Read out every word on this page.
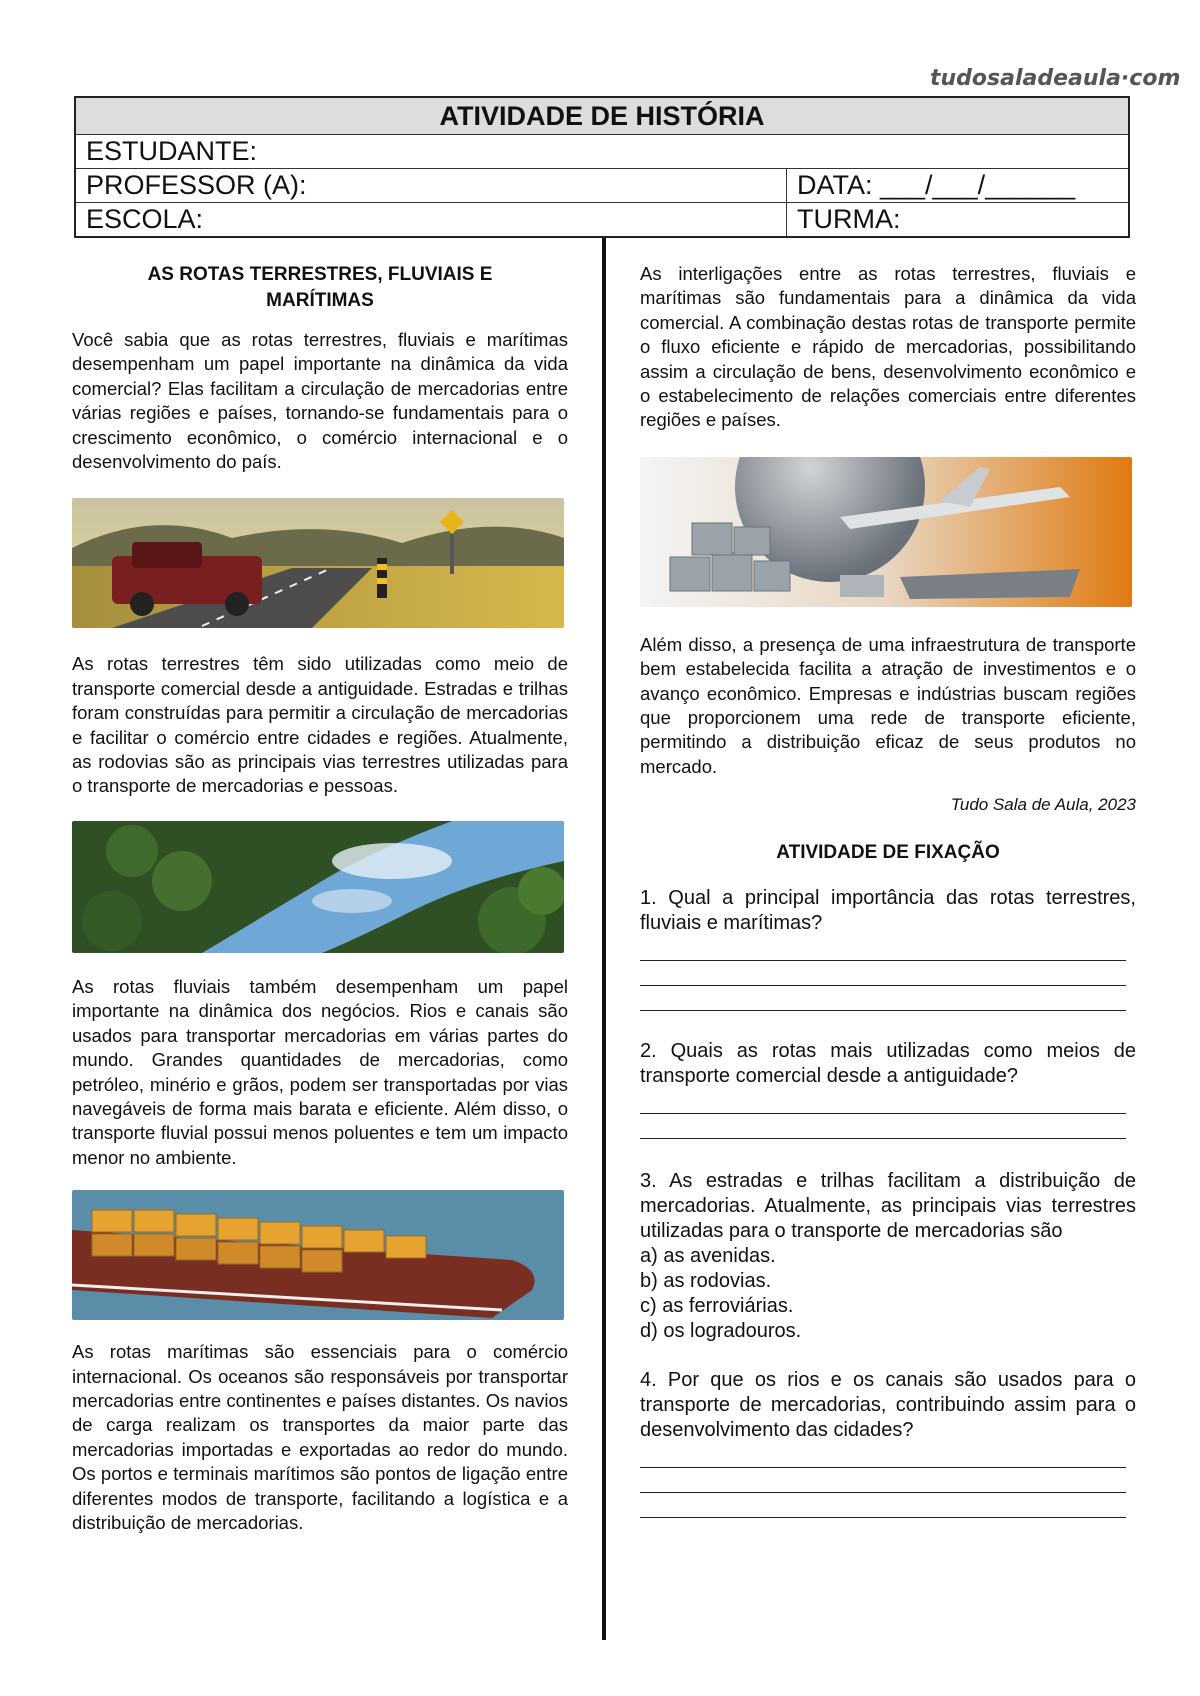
tudosaladeaula·com
ATIVIDADE DE HISTÓRIA	
ESTUDANTE:	
PROFESSOR (A):	DATA: ___/___/______
ESCOLA:	TURMA:
AS ROTAS TERRESTRES, FLUVIAIS E MARÍTIMAS

Você sabia que as rotas terrestres, fluviais e marítimas desempenham um papel importante na dinâmica da vida comercial? Elas facilitam a circulação de mercadorias entre várias regiões e países, tornando-se fundamentais para o crescimento econômico, o comércio internacional e o desenvolvimento do país.

As rotas terrestres têm sido utilizadas como meio de transporte comercial desde a antiguidade. Estradas e trilhas foram construídas para permitir a circulação de mercadorias e facilitar o comércio entre cidades e regiões. Atualmente, as rodovias são as principais vias terrestres utilizadas para o transporte de mercadorias e pessoas.

As rotas fluviais também desempenham um papel importante na dinâmica dos negócios. Rios e canais são usados para transportar mercadorias em várias partes do mundo. Grandes quantidades de mercadorias, como petróleo, minério e grãos, podem ser transportadas por vias navegáveis de forma mais barata e eficiente. Além disso, o transporte fluvial possui menos poluentes e tem um impacto menor no ambiente.

As rotas marítimas são essenciais para o comércio internacional. Os oceanos são responsáveis por transportar mercadorias entre continentes e países distantes. Os navios de carga realizam os transportes da maior parte das mercadorias importadas e exportadas ao redor do mundo. Os portos e terminais marítimos são pontos de ligação entre diferentes modos de transporte, facilitando a logística e a distribuição de mercadorias.

As interligações entre as rotas terrestres, fluviais e marítimas são fundamentais para a dinâmica da vida comercial. A combinação destas rotas de transporte permite o fluxo eficiente e rápido de mercadorias, possibilitando assim a circulação de bens, desenvolvimento econômico e o estabelecimento de relações comerciais entre diferentes regiões e países.

Além disso, a presença de uma infraestrutura de transporte bem estabelecida facilita a atração de investimentos e o avanço econômico. Empresas e indústrias buscam regiões que proporcionem uma rede de transporte eficiente, permitindo a distribuição eficaz de seus produtos no mercado.

Tudo Sala de Aula, 2023
ATIVIDADE DE FIXAÇÃO

1. Qual a principal importância das rotas terrestres, fluviais e marítimas?

2. Quais as rotas mais utilizadas como meios de transporte comercial desde a antiguidade?

3. As estradas e trilhas facilitam a distribuição de mercadorias. Atualmente, as principais vias terrestres utilizadas para o transporte de mercadorias são

a) as avenidas.
b) as rodovias.
c) as ferroviárias.
d) os logradouros.

4. Por que os rios e os canais são usados para o transporte de mercadorias, contribuindo assim para o desenvolvimento das cidades?
